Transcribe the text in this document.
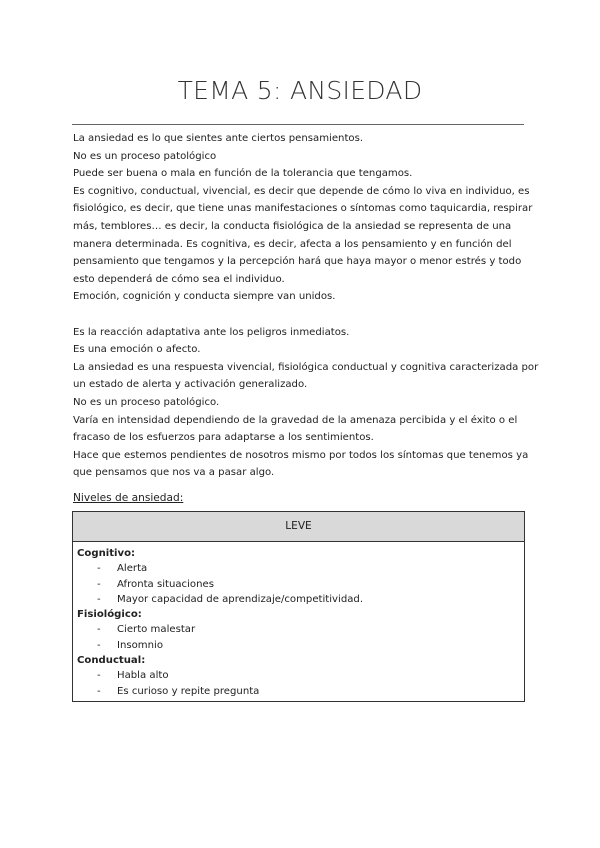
TEMA 5: ANSIEDAD
La ansiedad es lo que sientes ante ciertos pensamientos.
No es un proceso patológico
Puede ser buena o mala en función de la tolerancia que tengamos.
Es cognitivo, conductual, vivencial, es decir que depende de cómo lo viva en individuo, es
fisiológico, es decir, que tiene unas manifestaciones o síntomas como taquicardia, respirar
más, temblores… es decir, la conducta fisiológica de la ansiedad se representa de una
manera determinada. Es cognitiva, es decir, afecta a los pensamiento y en función del
pensamiento que tengamos y la percepción hará que haya mayor o menor estrés y todo
esto dependerá de cómo sea el individuo.
Emoción, cognición y conducta siempre van unidos.
Es la reacción adaptativa ante los peligros inmediatos.
Es una emoción o afecto.
La ansiedad es una respuesta vivencial, fisiológica conductual y cognitiva caracterizada por
un estado de alerta y activación generalizado.
No es un proceso patológico.
Varía en intensidad dependiendo de la gravedad de la amenaza percibida y el éxito o el
fracaso de los esfuerzos para adaptarse a los sentimientos.
Hace que estemos pendientes de nosotros mismo por todos los síntomas que tenemos ya
que pensamos que nos va a pasar algo.
Niveles de ansiedad:
LEVE
Cognitivo:
- Alerta
- Afronta situaciones
- Mayor capacidad de aprendizaje/competitividad.
Fisiológico:
- Cierto malestar
- Insomnio
Conductual:
- Habla alto
- Es curioso y repite pregunta
